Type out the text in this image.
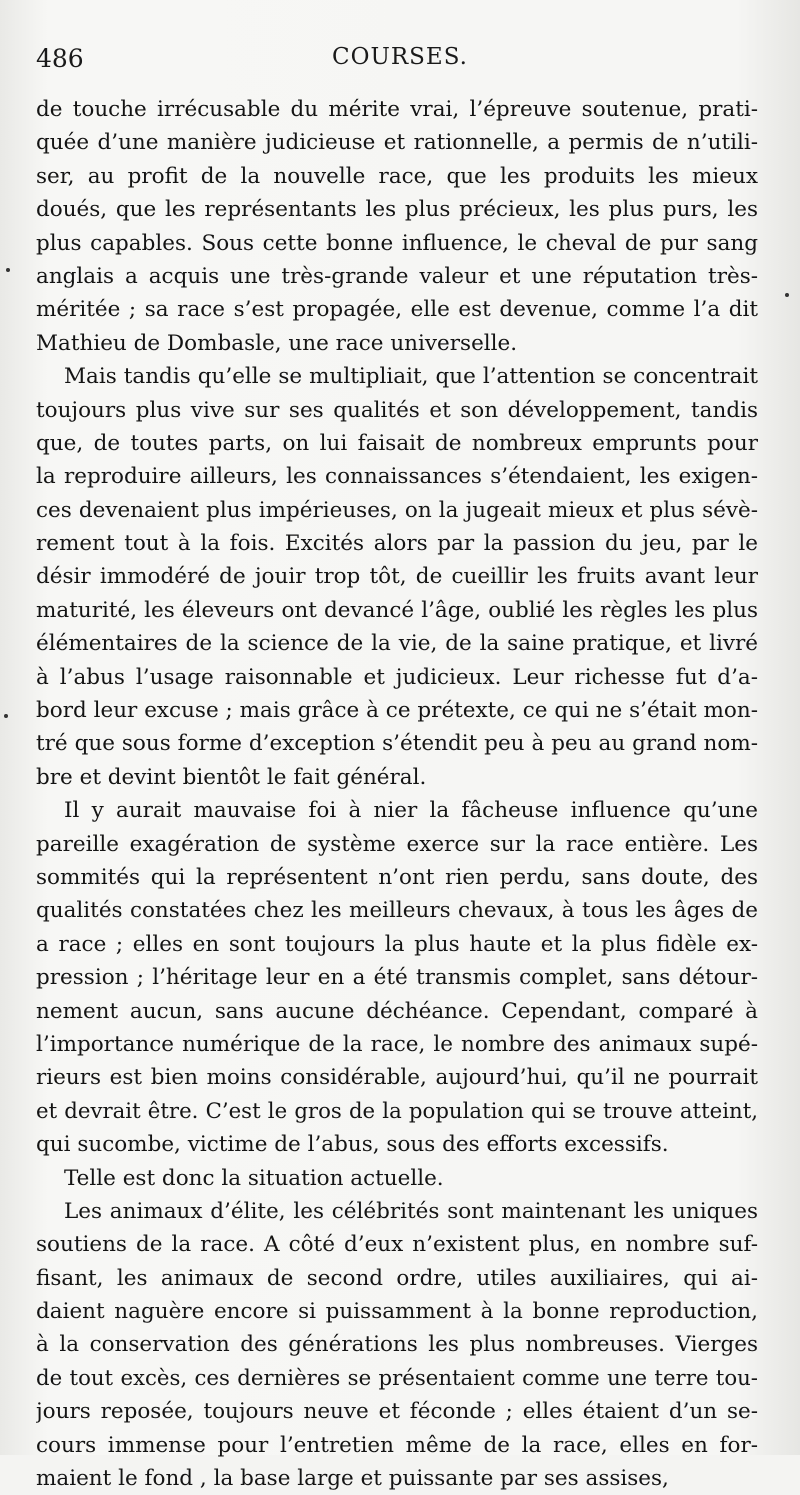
486	COURSES.
de touche irrécusable du mérite vrai, l’épreuve soutenue, prati-
quée d’une manière judicieuse et rationnelle, a permis de n’utili-
ser, au profit de la nouvelle race, que les produits les mieux
doués, que les représentants les plus précieux, les plus purs, les
plus capables. Sous cette bonne influence, le cheval de pur sang
anglais a acquis une très-grande valeur et une réputation très-
méritée ; sa race s’est propagée, elle est devenue, comme l’a dit
Mathieu de Dombasle, une race universelle.
Mais tandis qu’elle se multipliait, que l’attention se concentrait
toujours plus vive sur ses qualités et son développement, tandis
que, de toutes parts, on lui faisait de nombreux emprunts pour
la reproduire ailleurs, les connaissances s’étendaient, les exigen-
ces devenaient plus impérieuses, on la jugeait mieux et plus sévè-
rement tout à la fois. Excités alors par la passion du jeu, par le
désir immodéré de jouir trop tôt, de cueillir les fruits avant leur
maturité, les éleveurs ont devancé l’âge, oublié les règles les plus
élémentaires de la science de la vie, de la saine pratique, et livré
à l’abus l’usage raisonnable et judicieux. Leur richesse fut d’a-
bord leur excuse ; mais grâce à ce prétexte, ce qui ne s’était mon-
tré que sous forme d’exception s’étendit peu à peu au grand nom-
bre et devint bientôt le fait général.
Il y aurait mauvaise foi à nier la fâcheuse influence qu’une
pareille exagération de système exerce sur la race entière. Les
sommités qui la représentent n’ont rien perdu, sans doute, des
qualités constatées chez les meilleurs chevaux, à tous les âges de
a race ; elles en sont toujours la plus haute et la plus fidèle ex-
pression ; l’héritage leur en a été transmis complet, sans détour-
nement aucun, sans aucune déchéance. Cependant, comparé à
l’importance numérique de la race, le nombre des animaux supé-
rieurs est bien moins considérable, aujourd’hui, qu’il ne pourrait
et devrait être. C’est le gros de la population qui se trouve atteint,
qui sucombe, victime de l’abus, sous des efforts excessifs.
Telle est donc la situation actuelle.
Les animaux d’élite, les célébrités sont maintenant les uniques
soutiens de la race. A côté d’eux n’existent plus, en nombre suf-
fisant, les animaux de second ordre, utiles auxiliaires, qui ai-
daient naguère encore si puissamment à la bonne reproduction,
à la conservation des générations les plus nombreuses. Vierges
de tout excès, ces dernières se présentaient comme une terre tou-
jours reposée, toujours neuve et féconde ; elles étaient d’un se-
cours immense pour l’entretien même de la race, elles en for-
maient le fond , la base large et puissante par ses assises,
